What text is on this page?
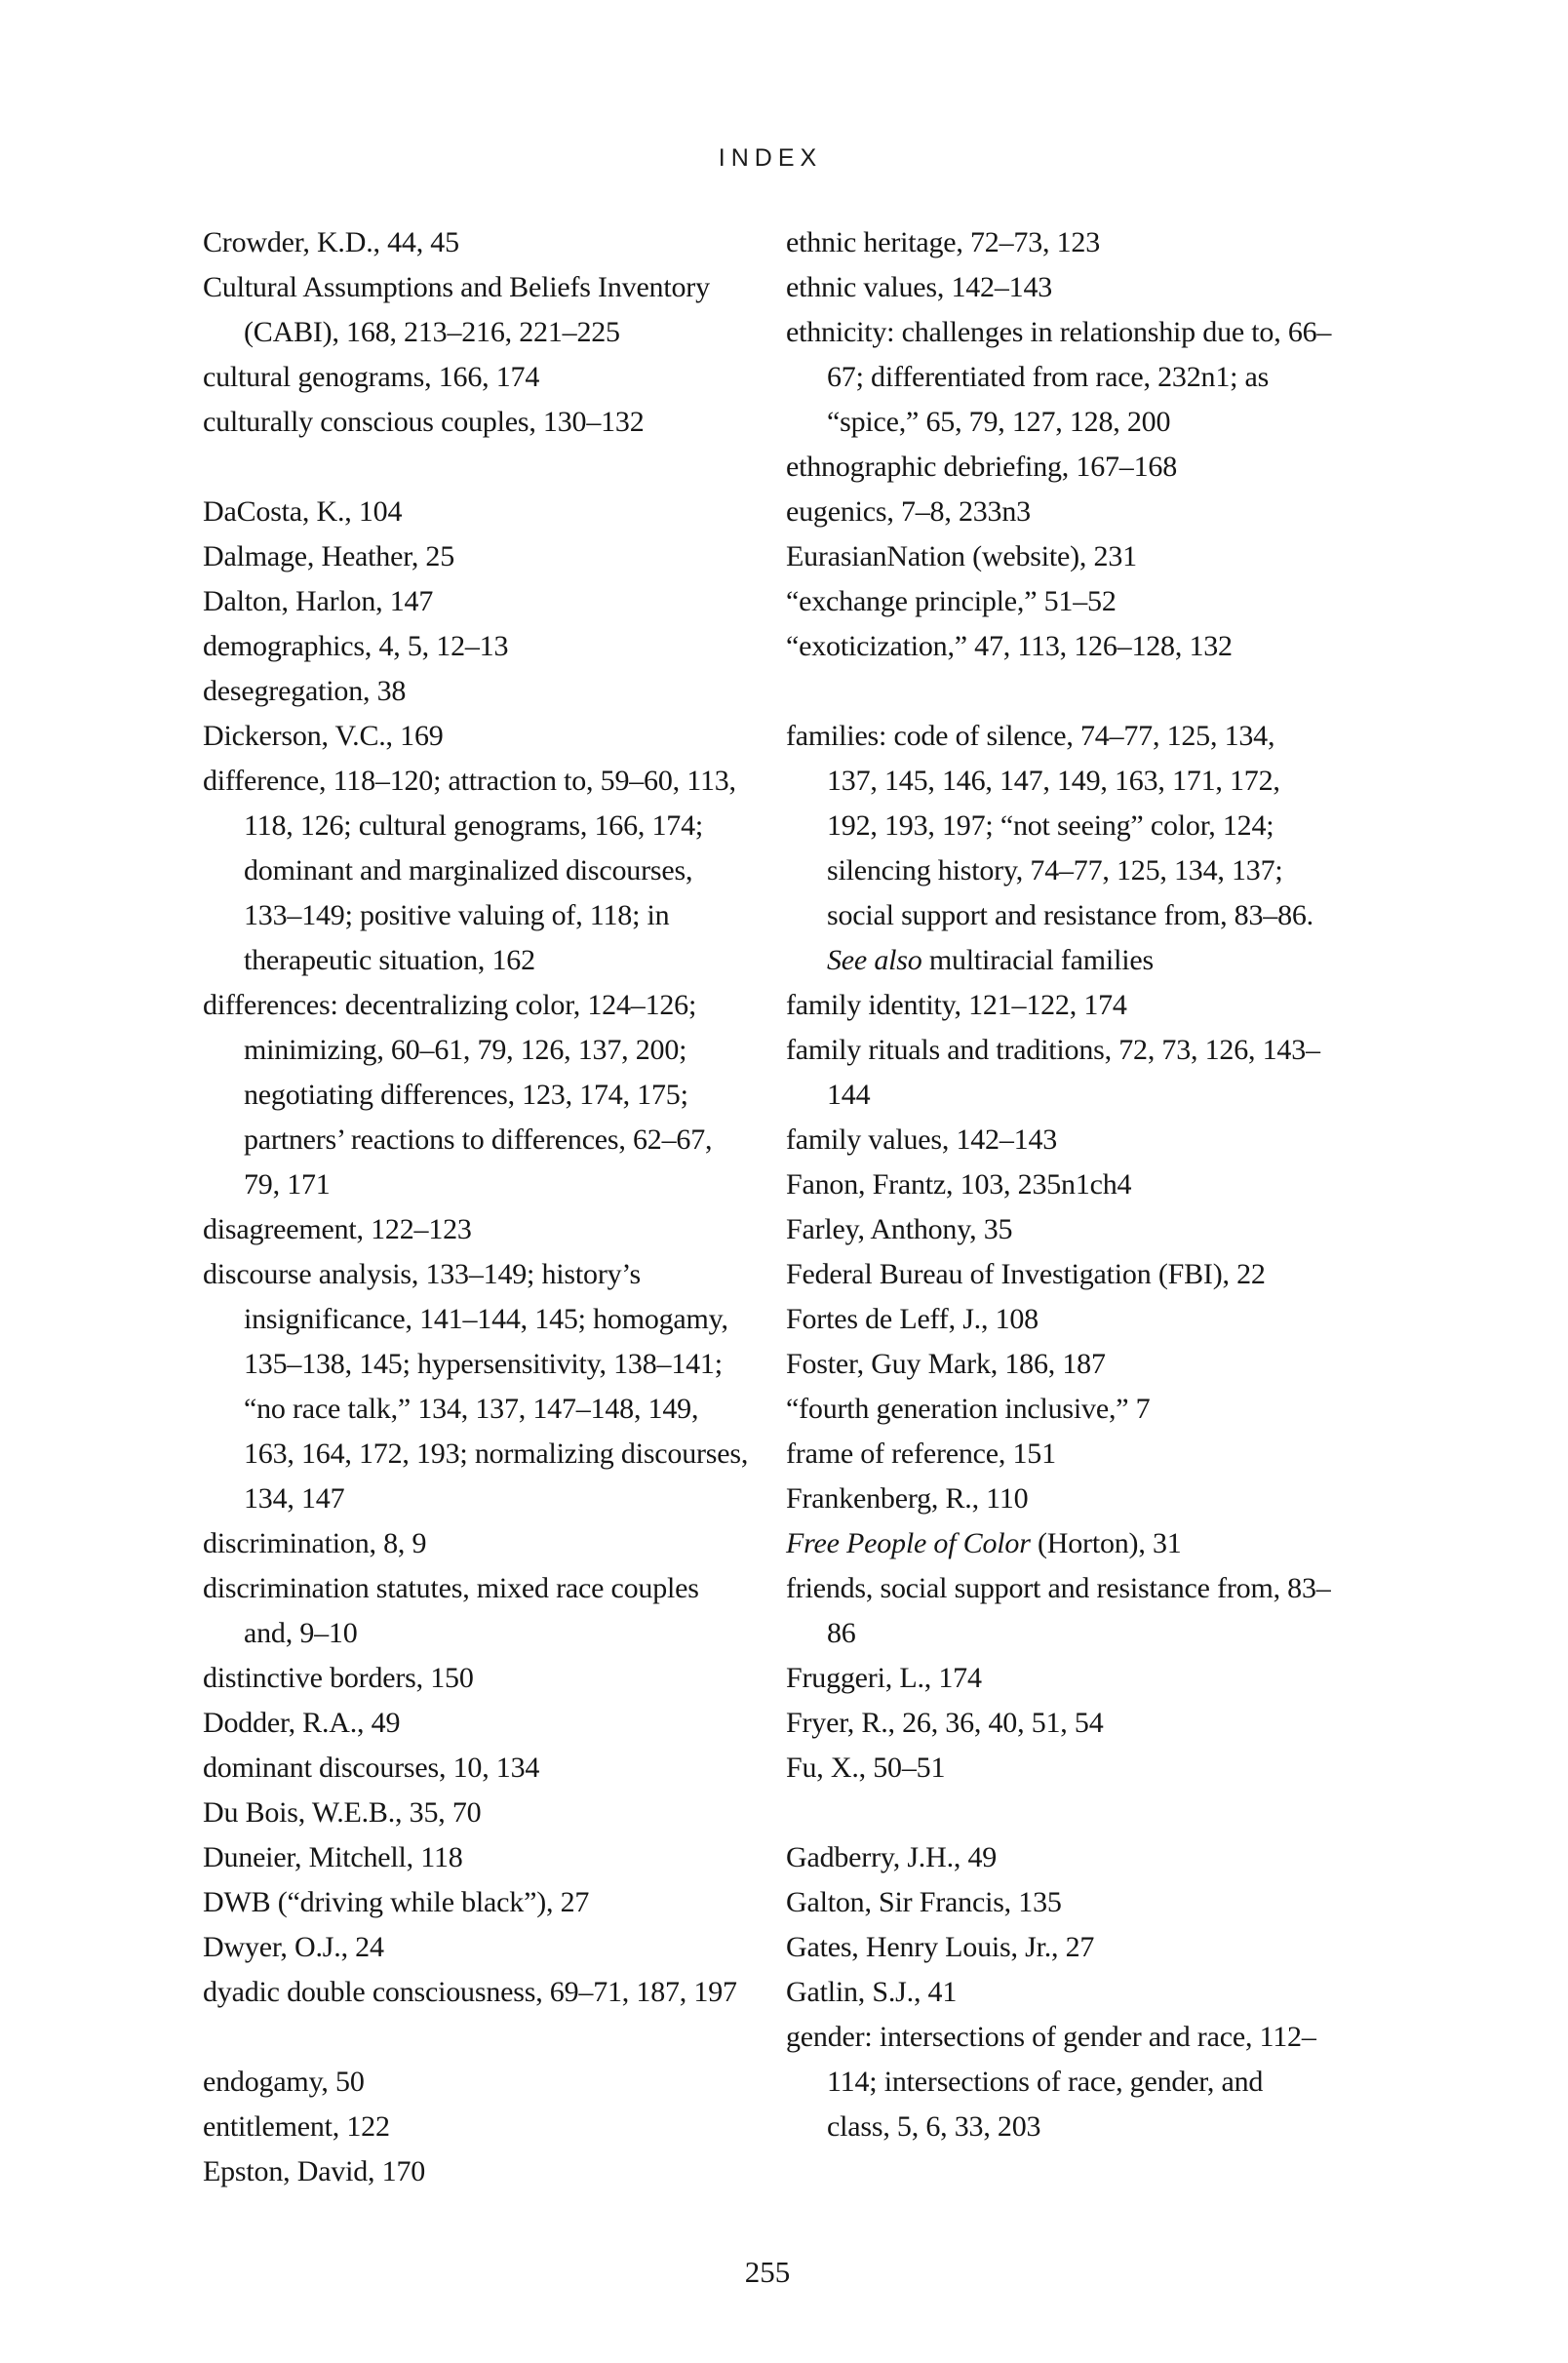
INDEX

Crowder, K.D., 44, 45

Cultural Assumptions and Beliefs Inventory (CABI), 168, 213–216, 221–225

cultural genograms, 166, 174

culturally conscious couples, 130–132

DaCosta, K., 104

Dalmage, Heather, 25

Dalton, Harlon, 147

demographics, 4, 5, 12–13

desegregation, 38

Dickerson, V.C., 169

difference, 118–120; attraction to, 59–60, 113, 118, 126; cultural genograms, 166, 174; dominant and marginalized discourses, 133–149; positive valuing of, 118; in therapeutic situation, 162

differences: decentralizing color, 124–126; minimizing, 60–61, 79, 126, 137, 200; negotiating differences, 123, 174, 175; partners’ reactions to differences, 62–67, 79, 171

disagreement, 122–123

discourse analysis, 133–149; history’s insignificance, 141–144, 145; homogamy, 135–138, 145; hypersensitivity, 138–141; “no race talk,” 134, 137, 147–148, 149, 163, 164, 172, 193; normalizing discourses, 134, 147

discrimination, 8, 9

discrimination statutes, mixed race couples and, 9–10

distinctive borders, 150

Dodder, R.A., 49

dominant discourses, 10, 134

Du Bois, W.E.B., 35, 70

Duneier, Mitchell, 118

DWB (“driving while black”), 27

Dwyer, O.J., 24

dyadic double consciousness, 69–71, 187, 197

endogamy, 50

entitlement, 122

Epston, David, 170

ethnic heritage, 72–73, 123

ethnic values, 142–143

ethnicity: challenges in relationship due to, 66–67; differentiated from race, 232n1; as “spice,” 65, 79, 127, 128, 200

ethnographic debriefing, 167–168

eugenics, 7–8, 233n3

EurasianNation (website), 231

“exchange principle,” 51–52

“exoticization,” 47, 113, 126–128, 132

families: code of silence, 74–77, 125, 134, 137, 145, 146, 147, 149, 163, 171, 172, 192, 193, 197; “not seeing” color, 124; silencing history, 74–77, 125, 134, 137; social support and resistance from, 83–86. See also multiracial families

family identity, 121–122, 174

family rituals and traditions, 72, 73, 126, 143–144

family values, 142–143

Fanon, Frantz, 103, 235n1ch4

Farley, Anthony, 35

Federal Bureau of Investigation (FBI), 22

Fortes de Leff, J., 108

Foster, Guy Mark, 186, 187

“fourth generation inclusive,” 7

frame of reference, 151

Frankenberg, R., 110

Free People of Color (Horton), 31

friends, social support and resistance from, 83–86

Fruggeri, L., 174

Fryer, R., 26, 36, 40, 51, 54

Fu, X., 50–51

Gadberry, J.H., 49

Galton, Sir Francis, 135

Gates, Henry Louis, Jr., 27

Gatlin, S.J., 41

gender: intersections of gender and race, 112–114; intersections of race, gender, and class, 5, 6, 33, 203

255
